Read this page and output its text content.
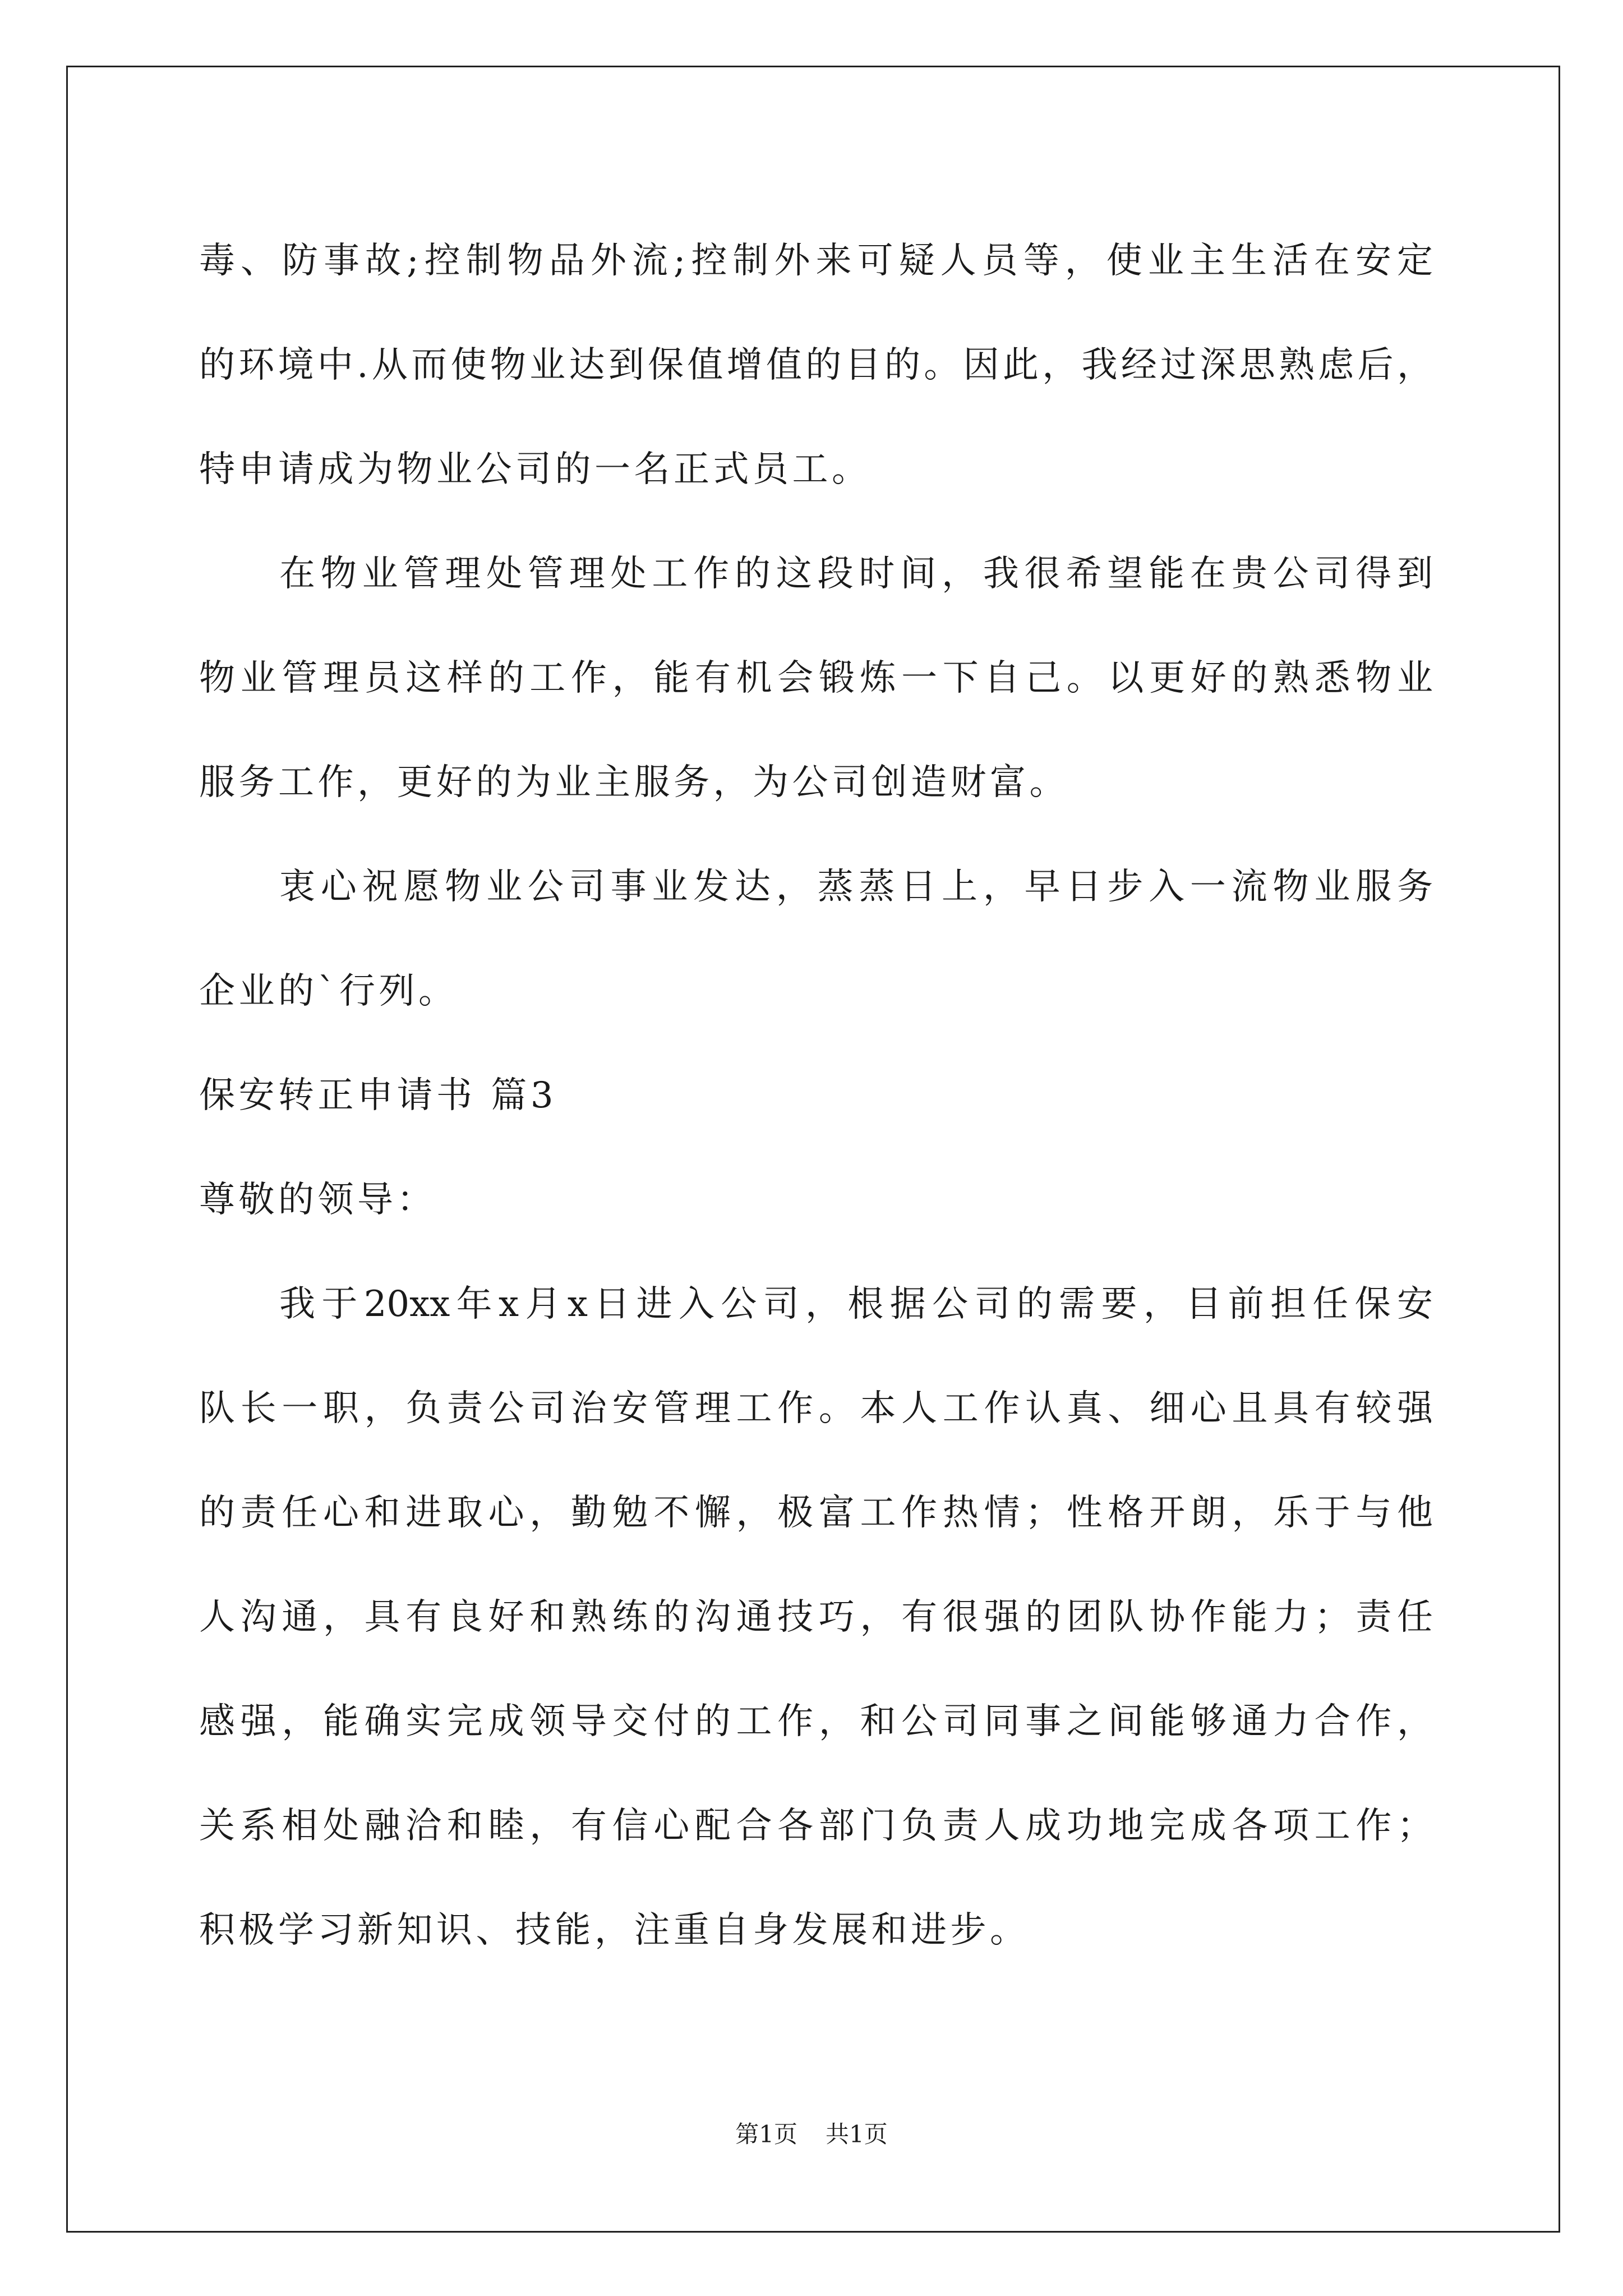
毒、防事故;控制物品外流;控制外来可疑人员等，使业主生活在安定
的环境中.从而使物业达到保值增值的目的。因此，我经过深思熟虑后，
特申请成为物业公司的一名正式员工。
在物业管理处管理处工作的这段时间，我很希望能在贵公司得到
物业管理员这样的工作，能有机会锻炼一下自己。以更好的熟悉物业
服务工作，更好的为业主服务，为公司创造财富。
衷心祝愿物业公司事业发达，蒸蒸日上，早日步入一流物业服务
企业的`行列。
保安转正申请书 篇3
尊敬的领导：
我于20xx年x月x日进入公司，根据公司的需要，目前担任保安
队长一职，负责公司治安管理工作。本人工作认真、细心且具有较强
的责任心和进取心，勤勉不懈，极富工作热情；性格开朗，乐于与他
人沟通，具有良好和熟练的沟通技巧，有很强的团队协作能力；责任
感强，能确实完成领导交付的工作，和公司同事之间能够通力合作，
关系相处融洽和睦，有信心配合各部门负责人成功地完成各项工作；
积极学习新知识、技能，注重自身发展和进步。
第1页 共1页
